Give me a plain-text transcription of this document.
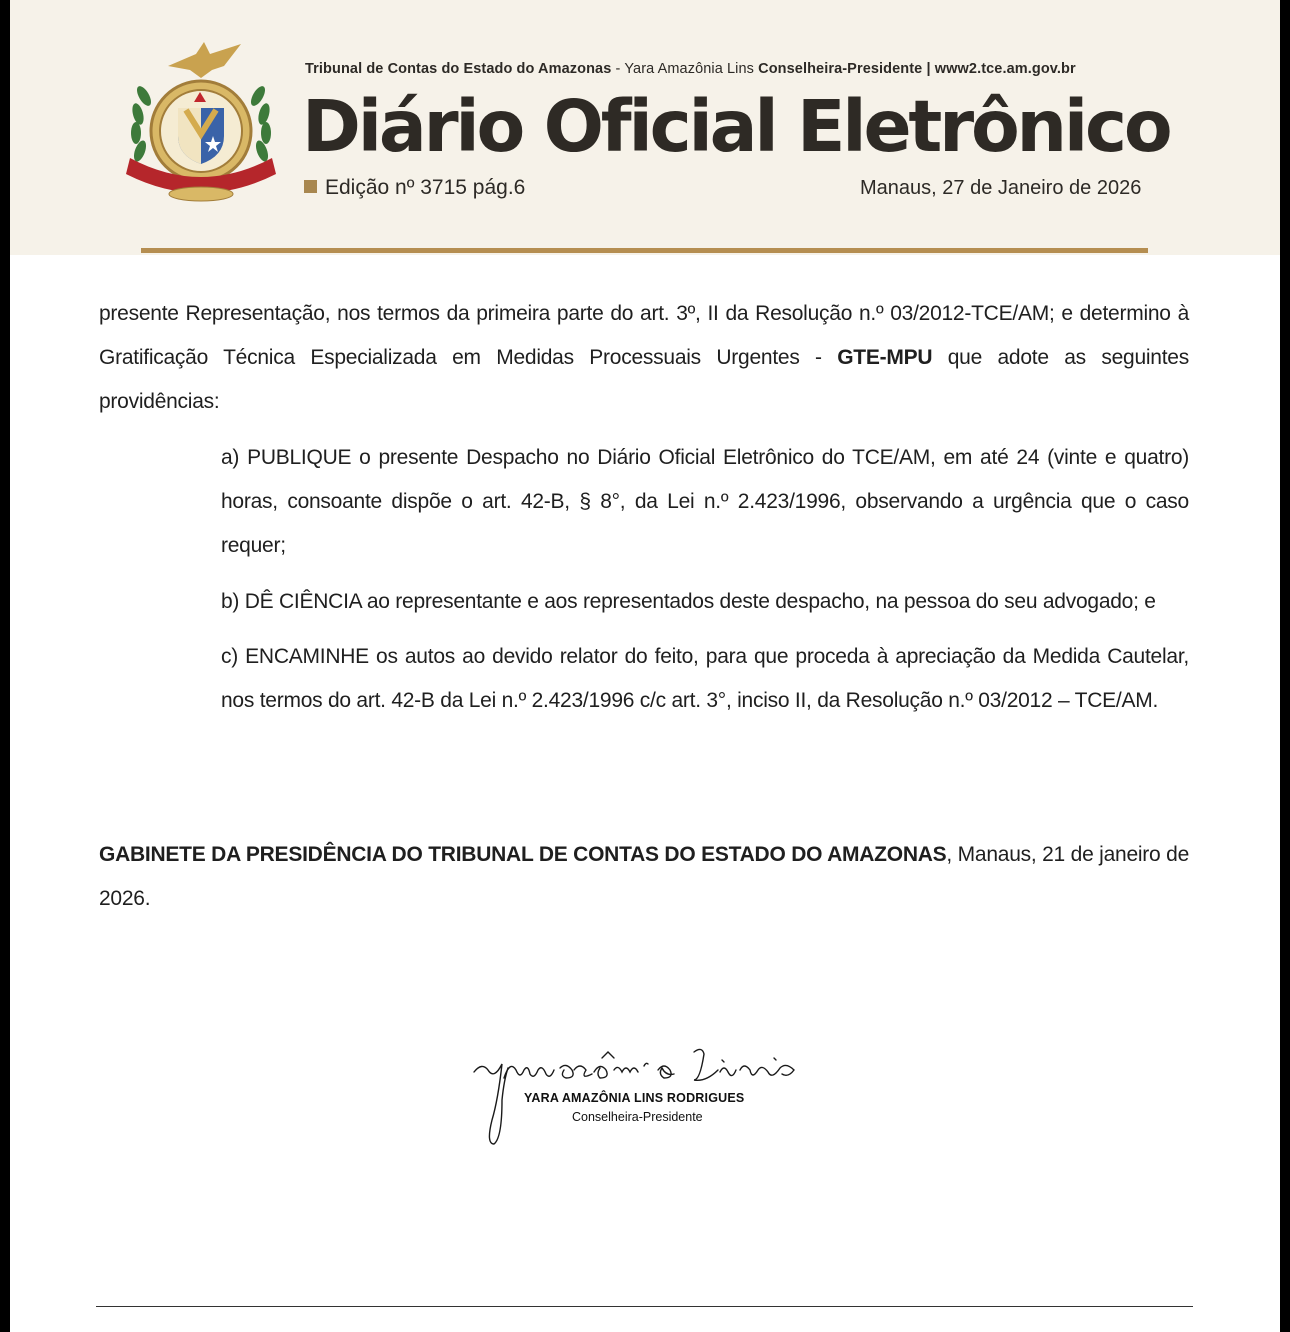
Tribunal de Contas do Estado do Amazonas - Yara Amazônia Lins Conselheira-Presidente | www2.tce.am.gov.br
Diário Oficial Eletrônico
Edição nº 3715 pág.6	Manaus, 27 de Janeiro de 2026
presente Representação, nos termos da primeira parte do art. 3º, II da Resolução n.º 03/2012-TCE/AM; e determino à Gratificação Técnica Especializada em Medidas Processuais Urgentes - GTE-MPU que adote as seguintes providências:
a) PUBLIQUE o presente Despacho no Diário Oficial Eletrônico do TCE/AM, em até 24 (vinte e quatro) horas, consoante dispõe o art. 42-B, § 8°, da Lei n.º 2.423/1996, observando a urgência que o caso requer;
b) DÊ CIÊNCIA ao representante e aos representados deste despacho, na pessoa do seu advogado; e
c) ENCAMINHE os autos ao devido relator do feito, para que proceda à apreciação da Medida Cautelar, nos termos do art. 42-B da Lei n.º 2.423/1996 c/c art. 3°, inciso II, da Resolução n.º 03/2012 – TCE/AM.
GABINETE DA PRESIDÊNCIA DO TRIBUNAL DE CONTAS DO ESTADO DO AMAZONAS, Manaus, 21 de janeiro de 2026.
YARA AMAZÔNIA LINS RODRIGUES
Conselheira-Presidente
